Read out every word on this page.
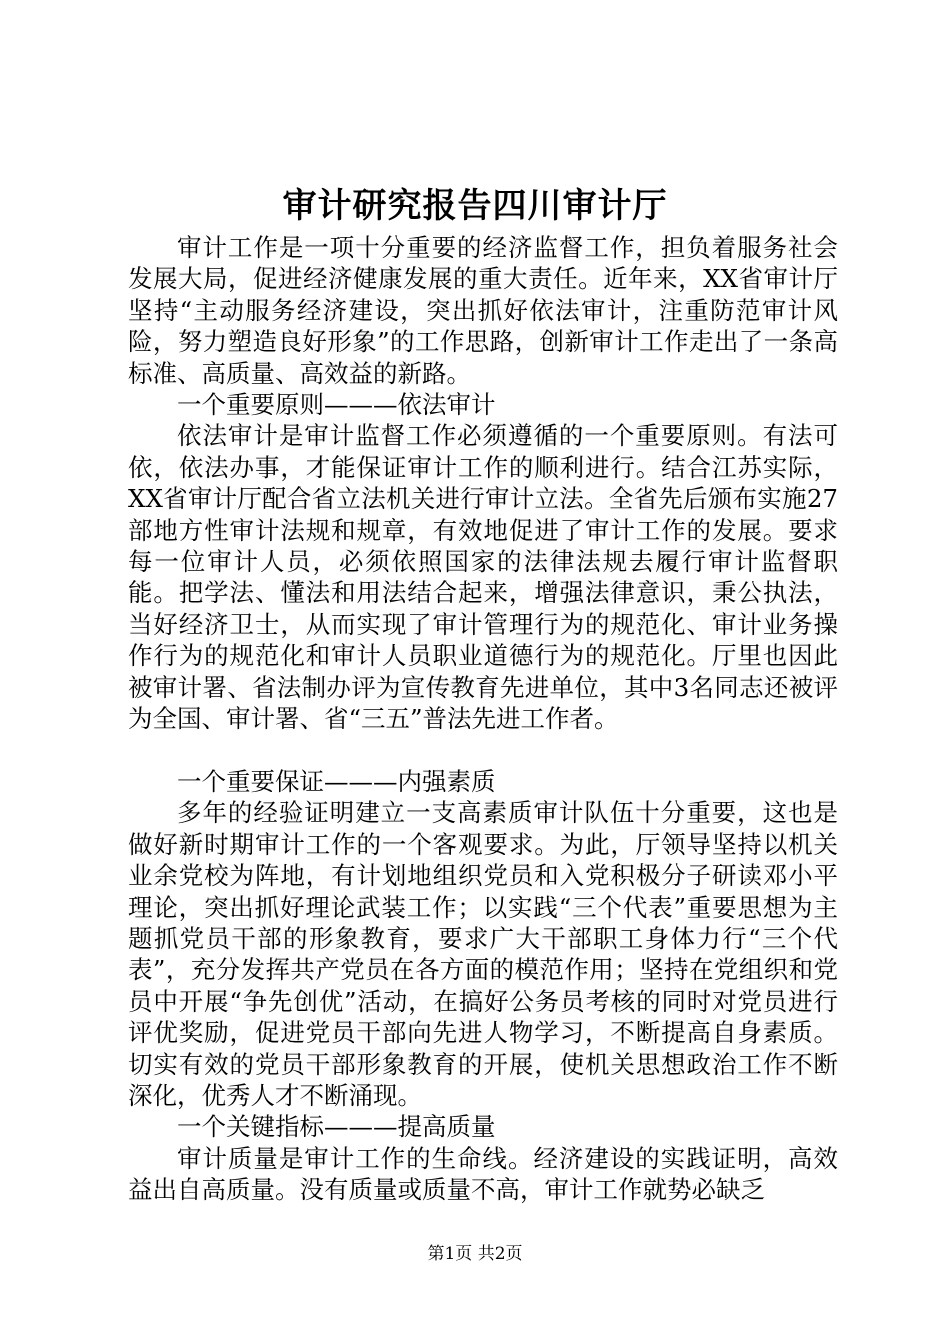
审计研究报告四川审计厅

审计工作是一项十分重要的经济监督工作，担负着服务社会发展大局，促进经济健康发展的重大责任。近年来，XX省审计厅坚持“主动服务经济建设，突出抓好依法审计，注重防范审计风险，努力塑造良好形象”的工作思路，创新审计工作走出了一条高标准、高质量、高效益的新路。

一个重要原则———依法审计

依法审计是审计监督工作必须遵循的一个重要原则。有法可依，依法办事，才能保证审计工作的顺利进行。结合江苏实际，XX省审计厅配合省立法机关进行审计立法。全省先后颁布实施27部地方性审计法规和规章，有效地促进了审计工作的发展。要求每一位审计人员，必须依照国家的法律法规去履行审计监督职能。把学法、懂法和用法结合起来，增强法律意识，秉公执法，当好经济卫士，从而实现了审计管理行为的规范化、审计业务操作行为的规范化和审计人员职业道德行为的规范化。厅里也因此被审计署、省法制办评为宣传教育先进单位，其中3名同志还被评为全国、审计署、省“三五”普法先进工作者。

一个重要保证———内强素质

多年的经验证明建立一支高素质审计队伍十分重要，这也是做好新时期审计工作的一个客观要求。为此，厅领导坚持以机关业余党校为阵地，有计划地组织党员和入党积极分子研读邓小平理论，突出抓好理论武装工作；以实践“三个代表”重要思想为主题抓党员干部的形象教育，要求广大干部职工身体力行“三个代表”，充分发挥共产党员在各方面的模范作用；坚持在党组织和党员中开展“争先创优”活动，在搞好公务员考核的同时对党员进行评优奖励，促进党员干部向先进人物学习，不断提高自身素质。切实有效的党员干部形象教育的开展，使机关思想政治工作不断深化，优秀人才不断涌现。

一个关键指标———提高质量

审计质量是审计工作的生命线。经济建设的实践证明，高效益出自高质量。没有质量或质量不高，审计工作就势必缺乏

第1页 共2页
